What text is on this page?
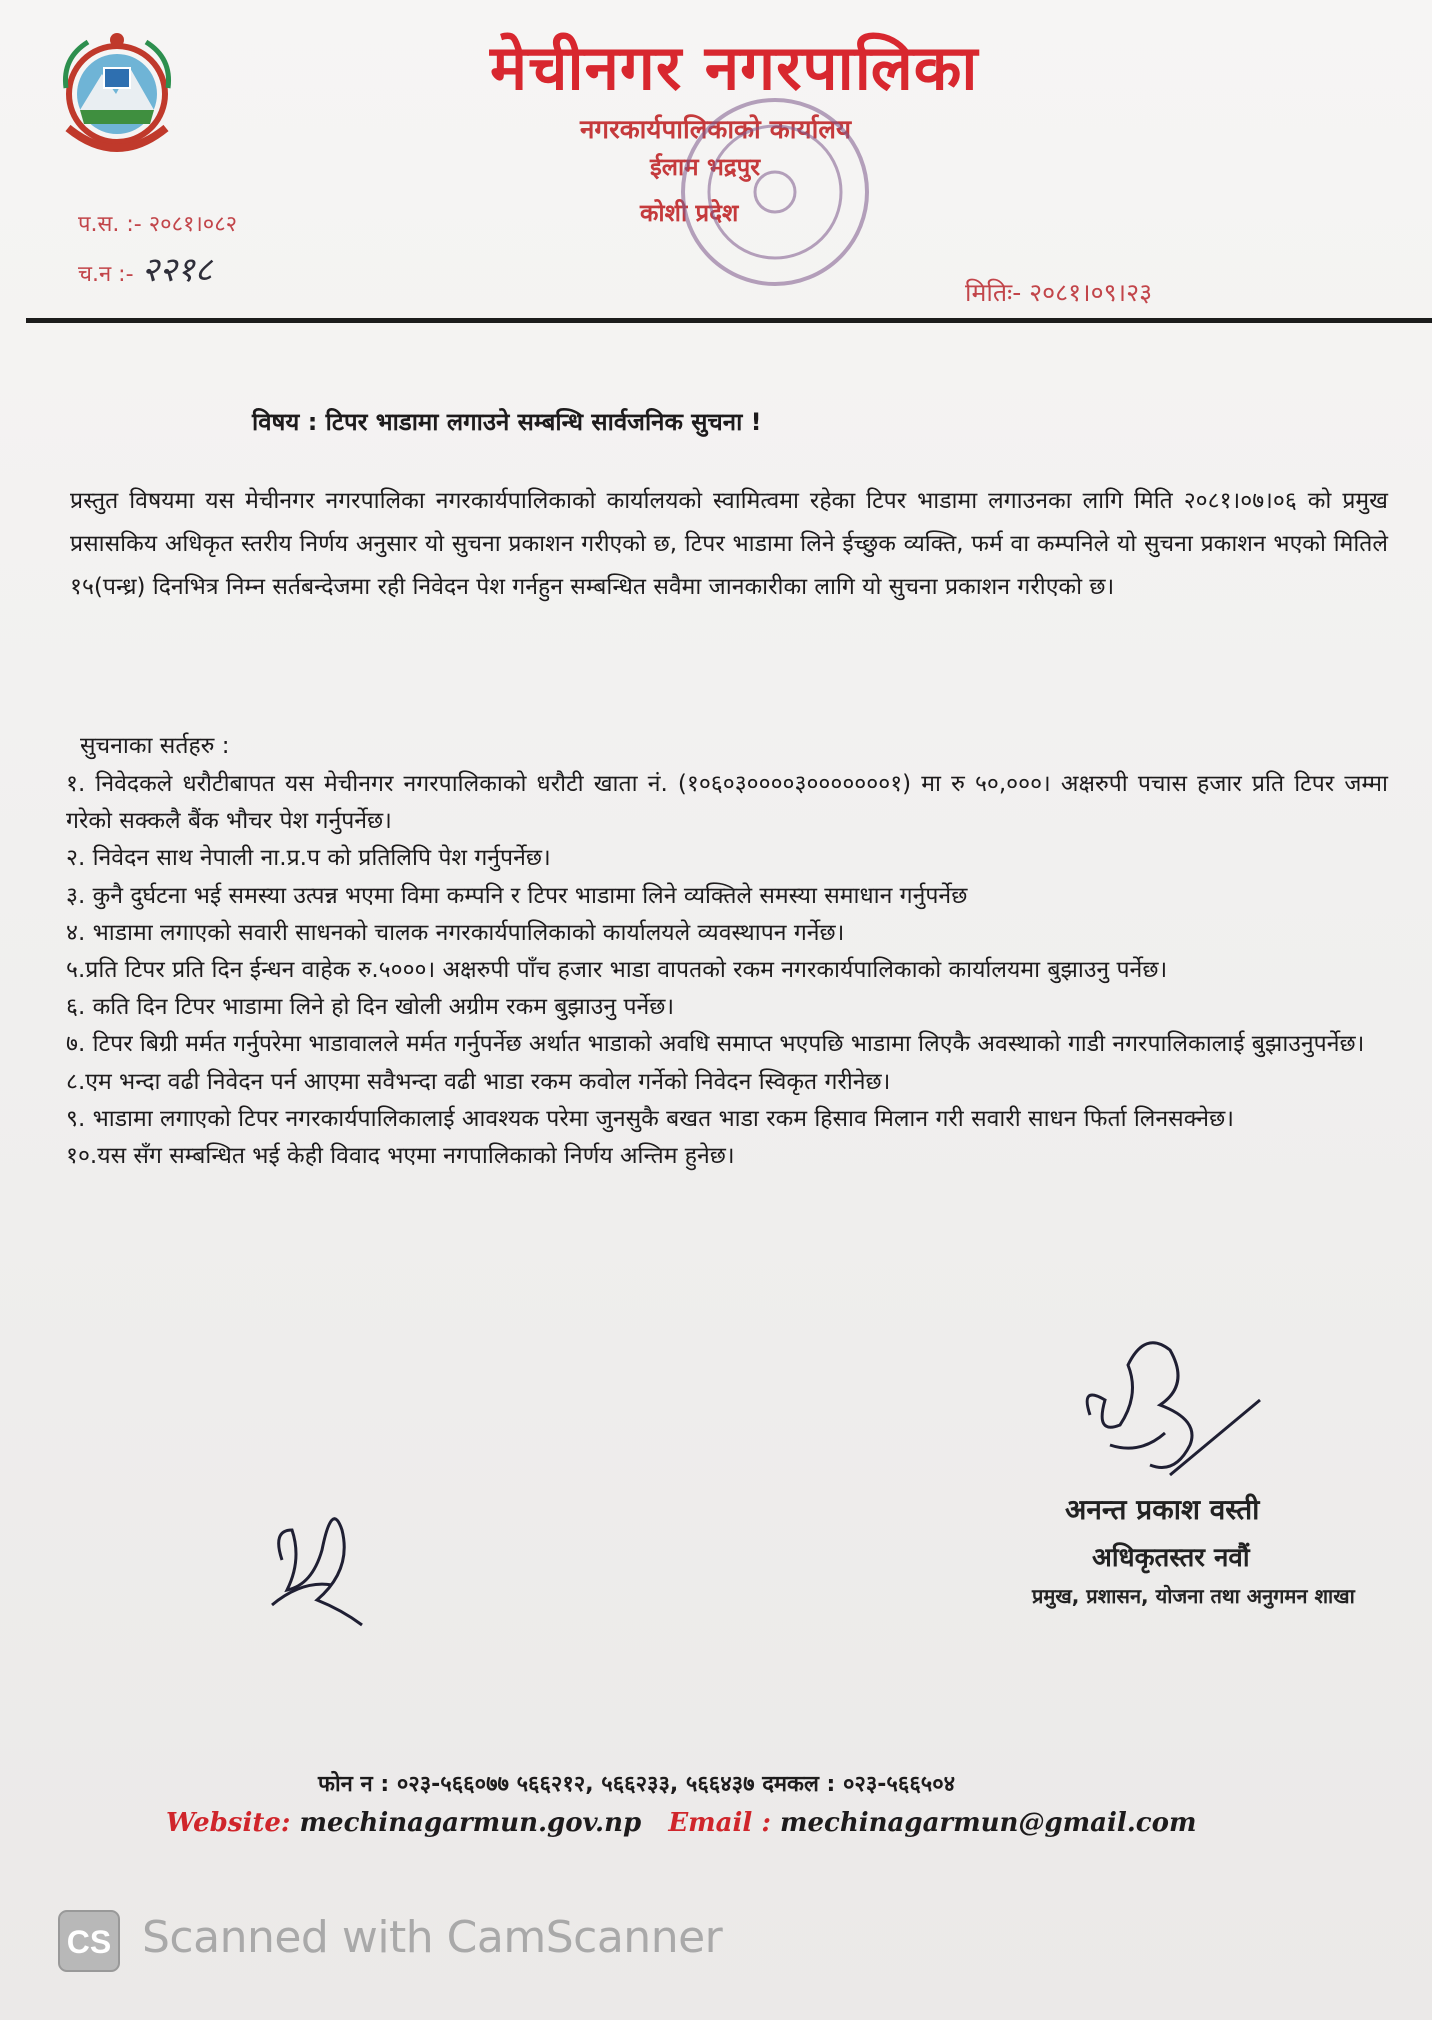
मेचीनगर नगरपालिका
नगरकार्यपालिकाको कार्यालय
ईलाम भद्रपुर
कोशी प्रदेश
प.स. :- २०८१।०८२
च.न :- २२१८
मितिः- २०८१।०९।२३
विषय : टिपर भाडामा लगाउने सम्बन्धि सार्वजनिक सुचना !
प्रस्तुत विषयमा यस मेचीनगर नगरपालिका नगरकार्यपालिकाको कार्यालयको स्वामित्वमा रहेका टिपर भाडामा लगाउनका लागि मिति २०८१।०७।०६ को प्रमुख प्रसासकिय अधिकृत स्तरीय निर्णय अनुसार यो सुचना प्रकाशन गरीएको छ, टिपर भाडामा लिने ईच्छुक व्यक्ति, फर्म वा कम्पनिले यो सुचना प्रकाशन भएको मितिले १५(पन्ध्र) दिनभित्र निम्न सर्तबन्देजमा रही निवेदन पेश गर्नहुन सम्बन्धित सवैमा जानकारीका लागि यो सुचना प्रकाशन गरीएको छ।
सुचनाका सर्तहरु :
१. निवेदकले धरौटीबापत यस मेचीनगर नगरपालिकाको धरौटी खाता नं. (१०६०३००००३०००००००१) मा रु ५०,०००। अक्षरुपी पचास हजार प्रति टिपर जम्मा गरेको सक्कलै बैंक भौचर पेश गर्नुपर्नेछ।
२. निवेदन साथ नेपाली ना.प्र.प को प्रतिलिपि पेश गर्नुपर्नेछ।
३. कुनै दुर्घटना भई समस्या उत्पन्न भएमा विमा कम्पनि र टिपर भाडामा लिने व्यक्तिले समस्या समाधान गर्नुपर्नेछ
४. भाडामा लगाएको सवारी साधनको चालक नगरकार्यपालिकाको कार्यालयले व्यवस्थापन गर्नेछ।
५.प्रति टिपर प्रति दिन ईन्धन वाहेक रु.५०००। अक्षरुपी पाँच हजार भाडा वापतको रकम नगरकार्यपालिकाको कार्यालयमा बुझाउनु पर्नेछ।
६. कति दिन टिपर भाडामा लिने हो दिन खोली अग्रीम रकम बुझाउनु पर्नेछ।
७. टिपर बिग्री मर्मत गर्नुपरेमा भाडावालले मर्मत गर्नुपर्नेछ अर्थात भाडाको अवधि समाप्त भएपछि भाडामा लिएकै अवस्थाको गाडी नगरपालिकालाई बुझाउनुपर्नेछ।
८.एम भन्दा वढी निवेदन पर्न आएमा सवैभन्दा वढी भाडा रकम कवोल गर्नेको निवेदन स्विकृत गरीनेछ।
९. भाडामा लगाएको टिपर नगरकार्यपालिकालाई आवश्यक परेमा जुनसुकै बखत भाडा रकम हिसाव मिलान गरी सवारी साधन फिर्ता लिनसक्नेछ।
१०.यस सँग सम्बन्धित भई केही विवाद भएमा नगपालिकाको निर्णय अन्तिम हुनेछ।
अनन्त प्रकाश वस्ती
अधिकृतस्तर नवौं
प्रमुख, प्रशासन, योजना तथा अनुगमन शाखा
फोन न : ०२३-५६६०७७ ५६६२१२, ५६६२३३, ५६६४३७ दमकल : ०२३-५६६५०४
Website: mechinagarmun.gov.np Email : mechinagarmun@gmail.com
CS Scanned with CamScanner
